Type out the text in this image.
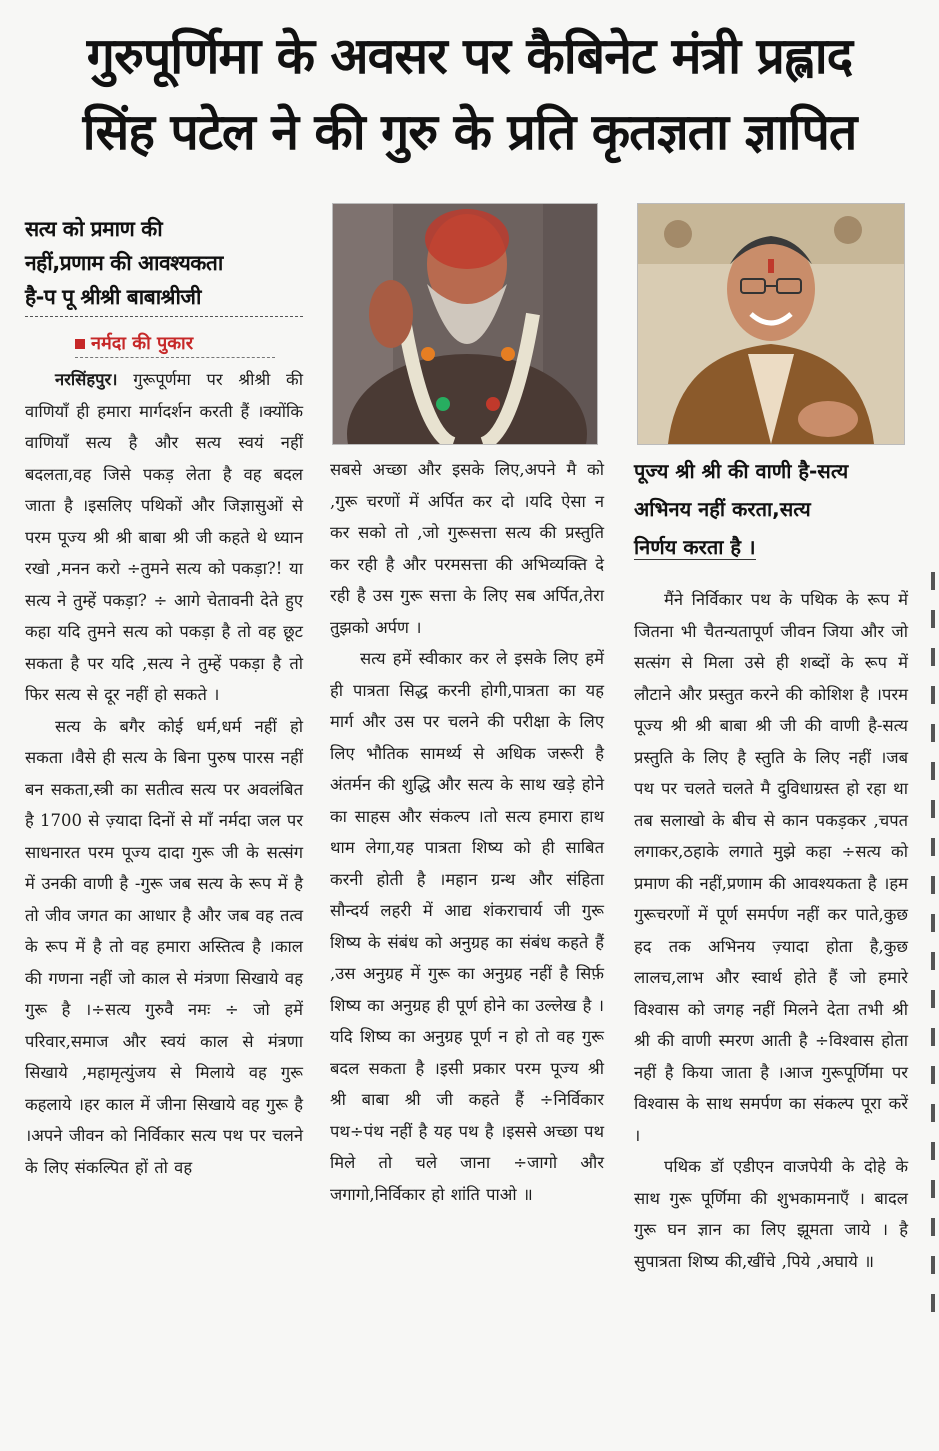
गुरुपूर्णिमा के अवसर पर कैबिनेट मंत्री प्रह्लाद
सिंह पटेल ने की गुरु के प्रति कृतज्ञता ज्ञापित
सत्य को प्रमाण की
नहीं,प्रणाम की आवश्यकता
है-प पू श्रीश्री बाबाश्रीजी
नर्मदा की पुकार

नरसिंहपुर। गुरूपूर्णमा पर श्रीश्री की वाणियाँ ही हमारा मार्गदर्शन करती हैं ।क्योंकि वाणियाँ सत्य है और सत्य स्वयं नहीं बदलता,वह जिसे पकड़ लेता है वह बदल जाता है ।इसलिए पथिकों और जिज्ञासुओं से परम पूज्य श्री श्री बाबा श्री जी कहते थे ध्यान रखो ,मनन करो ÷तुमने सत्य को पकड़ा?! या सत्य ने तुम्हें पकड़ा? ÷ आगे चेतावनी देते हुए कहा यदि तुमने सत्य को पकड़ा है तो वह छूट सकता है पर यदि ,सत्य ने तुम्हें पकड़ा है तो फिर सत्य से दूर नहीं हो सकते ।

सत्य के बगैर कोई धर्म,धर्म नहीं हो सकता ।वैसे ही सत्य के बिना पुरुष पारस नहीं बन सकता,स्त्री का सतीत्व सत्य पर अवलंबित है 1700 से ज़्यादा दिनों से माँ नर्मदा जल पर साधनारत परम पूज्य दादा गुरू जी के सत्संग में उनकी वाणी है -गुरू जब सत्य के रूप में है तो जीव जगत का आधार है और जब वह तत्व के रूप में है तो वह हमारा अस्तित्व है ।काल की गणना नहीं जो काल से मंत्रणा सिखाये वह गुरू है ।÷सत्य गुरुवै नमः ÷ जो हमें परिवार,समाज और स्वयं काल से मंत्रणा सिखाये ,महामृत्युंजय से मिलाये वह गुरू कहलाये ।हर काल में जीना सिखाये वह गुरू है ।अपने जीवन को निर्विकार सत्य पथ पर चलने के लिए संकल्पित हों तो वह

सबसे अच्छा और इसके लिए,अपने मै को ,गुरू चरणों में अर्पित कर दो ।यदि ऐसा न कर सको तो ,जो गुरूसत्ता सत्य की प्रस्तुति कर रही है और परमसत्ता की अभिव्यक्ति दे रही है उस गुरू सत्ता के लिए सब अर्पित,तेरा तुझको अर्पण ।

सत्य हमें स्वीकार कर ले इसके लिए हमें ही पात्रता सिद्ध करनी होगी,पात्रता का यह मार्ग और उस पर चलने की परीक्षा के लिए लिए भौतिक सामर्थ्य से अधिक जरूरी है अंतर्मन की शुद्धि और सत्य के साथ खड़े होने का साहस और संकल्प ।तो सत्य हमारा हाथ थाम लेगा,यह पात्रता शिष्य को ही साबित करनी होती है ।महान ग्रन्थ और संहिता सौन्दर्य लहरी में आद्य शंकराचार्य जी गुरू शिष्य के संबंध को अनुग्रह का संबंध कहते हैं ,उस अनुग्रह में गुरू का अनुग्रह नहीं है सिर्फ़ शिष्य का अनुग्रह ही पूर्ण होने का उल्लेख है ।यदि शिष्य का अनुग्रह पूर्ण न हो तो वह गुरू बदल सकता है ।इसी प्रकार परम पूज्य श्री श्री बाबा श्री जी कहते हैं ÷निर्विकार पथ÷पंथ नहीं है यह पथ है ।इससे अच्छा पथ मिले तो चले जाना ÷जागो और जगागो,निर्विकार हो शांति पाओ ॥

पूज्य श्री श्री की वाणी है-सत्य
अभिनय नहीं करता,सत्य
निर्णय करता है ।

मैंने निर्विकार पथ के पथिक के रूप में जितना भी चैतन्यतापूर्ण जीवन जिया और जो सत्संग से मिला उसे ही शब्दों के रूप में लौटाने और प्रस्तुत करने की कोशिश है ।परम पूज्य श्री श्री बाबा श्री जी की वाणी है-सत्य प्रस्तुति के लिए है स्तुति के लिए नहीं ।जब पथ पर चलते चलते मै दुविधाग्रस्त हो रहा था तब सलाखो के बीच से कान पकड़कर ,चपत लगाकर,ठहाके लगाते मुझे कहा ÷सत्य को प्रमाण की नहीं,प्रणाम की आवश्यकता है ।हम गुरूचरणों में पूर्ण समर्पण नहीं कर पाते,कुछ हद तक अभिनय ज़्यादा होता है,कुछ लालच,लाभ और स्वार्थ होते हैं जो हमारे विश्वास को जगह नहीं मिलने देता तभी श्री श्री की वाणी स्मरण आती है ÷विश्वास होता नहीं है किया जाता है ।आज गुरूपूर्णिमा पर विश्वास के साथ समर्पण का संकल्प पूरा करें ।

पथिक डॉ एडीएन वाजपेयी के दोहे के साथ गुरू पूर्णिमा की शुभकामनाएँ । बादल गुरू घन ज्ञान का लिए झूमता जाये । है सुपात्रता शिष्य की,खींचे ,पिये ,अघाये ॥
